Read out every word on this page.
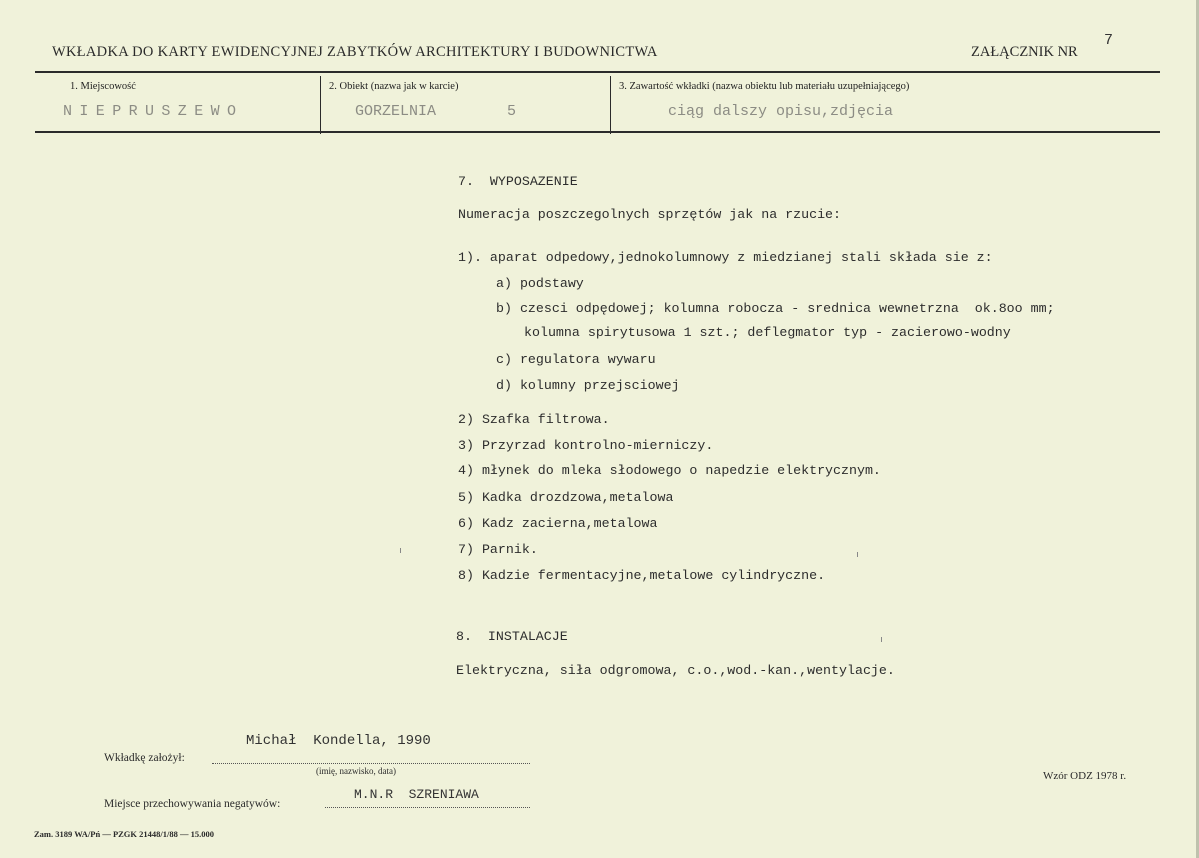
WKŁADKA DO KARTY EWIDENCYJNEJ ZABYTKÓW ARCHITEKTURY I BUDOWNICTWA	ZAŁĄCZNIK NR
7
1. Miejscowość	2. Obiekt (nazwa jak w karcie)	3. Zawartość wkładki (nazwa obiektu lub materiału uzupełniającego)
NIEPRUSZEWO	GORZELNIA	5	ciąg dalszy opisu,zdjęcia
7.  WYPOSAZENIE
Numeracja poszczegolnych sprzętów jak na rzucie:
1). aparat odpedowy,jednokolumnowy z miedzianej stali składa sie z:
a) podstawy
b) czesci odpędowej; kolumna robocza - srednica wewnetrzna  ok.8oo mm;
kolumna spirytusowa 1 szt.; deflegmator typ - zacierowo-wodny
c) regulatora wywaru
d) kolumny przejsciowej
2) Szafka filtrowa.
3) Przyrzad kontrolno-mierniczy.
4) młynek do mleka słodowego o napedzie elektrycznym.
5) Kadka drozdzowa,metalowa
6) Kadz zacierna,metalowa
7) Parnik.
8) Kadzie fermentacyjne,metalowe cylindryczne.
8.  INSTALACJE
Elektryczna, siła odgromowa, c.o.,wod.-kan.,wentylacje.
Michał  Kondella, 1990
Wkładkę założył:
(imię, nazwisko, data)
M.N.R  SZRENIAWA
Miejsce przechowywania negatywów:
Wzór ODZ 1978 r.
Zam. 3189 WA/Pń — PZGK 21448/1/88 — 15.000
